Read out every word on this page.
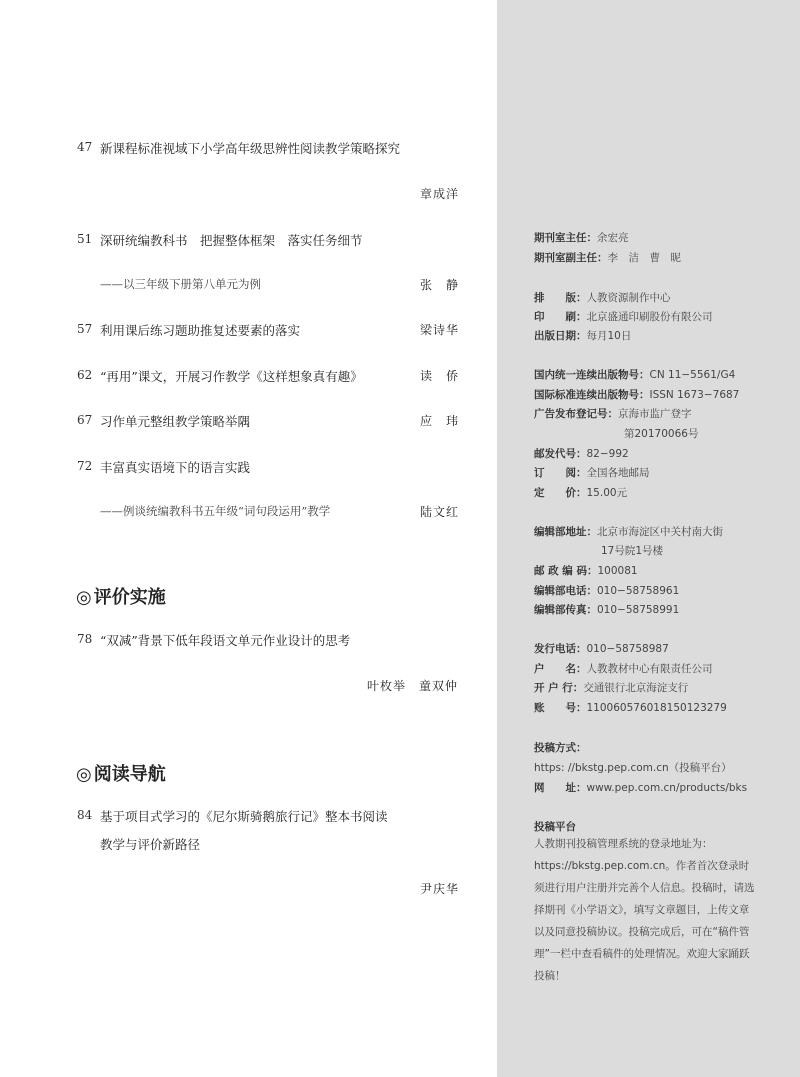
47 新课程标准视域下小学高年级思辨性阅读教学策略探究
章成洋
51 深研统编教科书　把握整体框架　落实任务细节
——以三年级下册第八单元为例	张　静
57 利用课后练习题助推复述要素的落实	梁诗华
62 “再用”课文，开展习作教学《这样想象真有趣》	读　侨
67 习作单元整组教学策略举隅	应　玮
72 丰富真实语境下的语言实践
——例谈统编教科书五年级“词句段运用”教学	陆文红
◎ 评价实施
78 “双减”背景下低年段语文单元作业设计的思考
叶枚举　童双仲
◎ 阅读导航
84 基于项目式学习的《尼尔斯骑鹅旅行记》整本书阅读
教学与评价新路径
尹庆华
期刊室主任：余宏亮
期刊室副主任：李　洁　曹　昵
排　　版：人教资源制作中心
印　　刷：北京盛通印刷股份有限公司
出版日期：每月10日
国内统一连续出版物号：CN 11−5561/G4
国际标准连续出版物号：ISSN 1673−7687
广告发布登记号：京海市监广登字
第20170066号
邮发代号：82−992
订　　阅：全国各地邮局
定　　价：15.00元
编辑部地址：北京市海淀区中关村南大街
17号院1号楼
邮 政 编 码：100081
编辑部电话：010−58758961
编辑部传真：010−58758991
发行电话：010−58758987
户　　名：人教教材中心有限责任公司
开 户 行：交通银行北京海淀支行
账　　号：110060576018150123279
投稿方式：
https: //bkstg.pep.com.cn（投稿平台）
网　　址：www.pep.com.cn/products/bks
投稿平台
人教期刊投稿管理系统的登录地址为：https://bkstg.pep.com.cn。作者首次登录时须进行用户注册并完善个人信息。投稿时，请选择期刊《小学语文》，填写文章题目，上传文章以及同意投稿协议。投稿完成后，可在“稿件管理”一栏中查看稿件的处理情况。欢迎大家踊跃投稿！
